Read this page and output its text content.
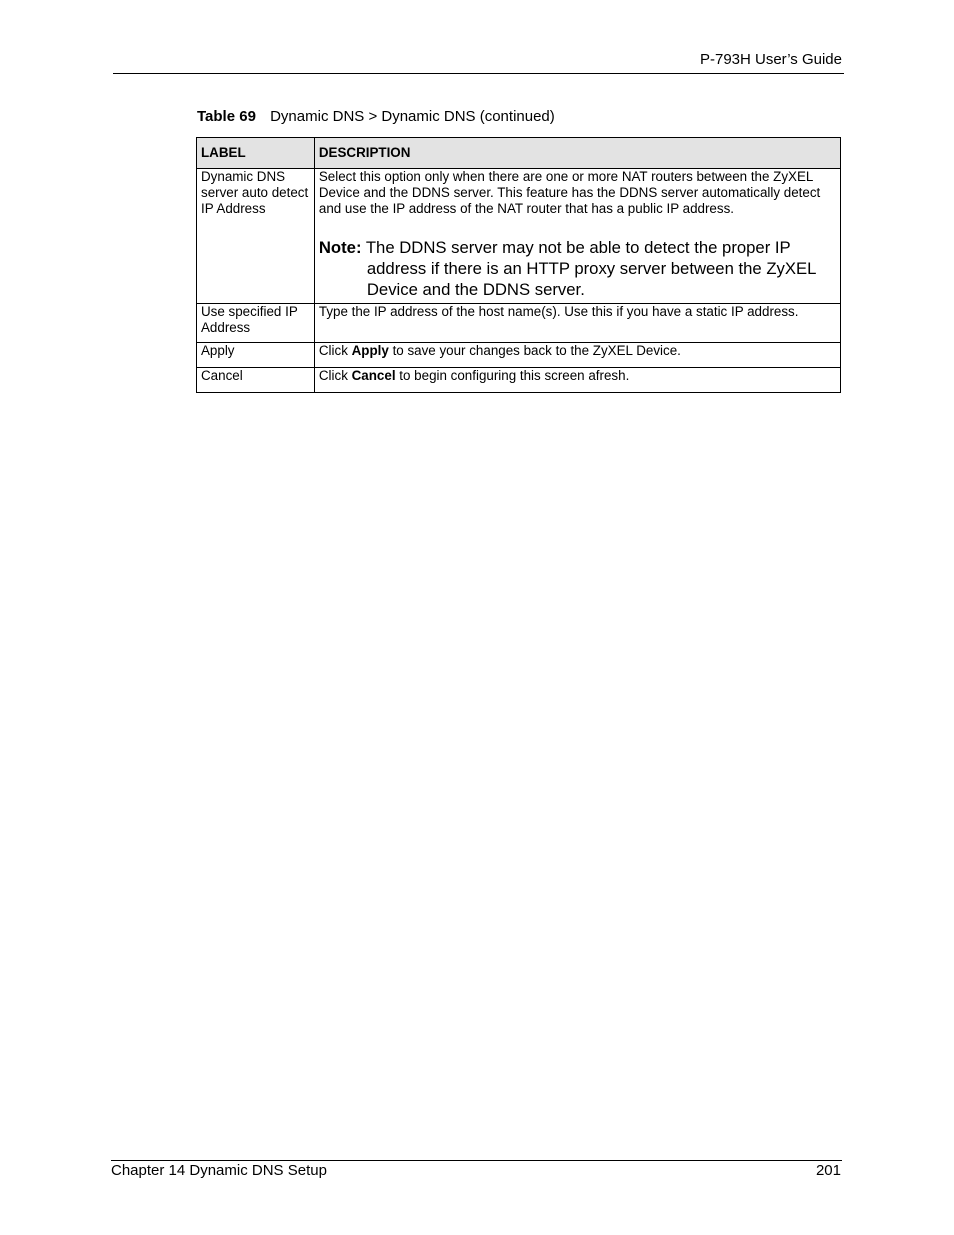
P-793H User’s Guide
Table 69 Dynamic DNS > Dynamic DNS (continued)
LABEL	DESCRIPTION
Dynamic DNS server auto detect IP Address	Select this option only when there are one or more NAT routers between the ZyXEL Device and the DDNS server. This feature has the DDNS server automatically detect and use the IP address of the NAT router that has a public IP address.
Note: The DDNS server may not be able to detect the proper IP address if there is an HTTP proxy server between the ZyXEL Device and the DDNS server.

Use specified IP Address	Type the IP address of the host name(s). Use this if you have a static IP address.
Apply	Click Apply to save your changes back to the ZyXEL Device.
Cancel	Click Cancel to begin configuring this screen afresh.
Chapter 14 Dynamic DNS Setup	201
